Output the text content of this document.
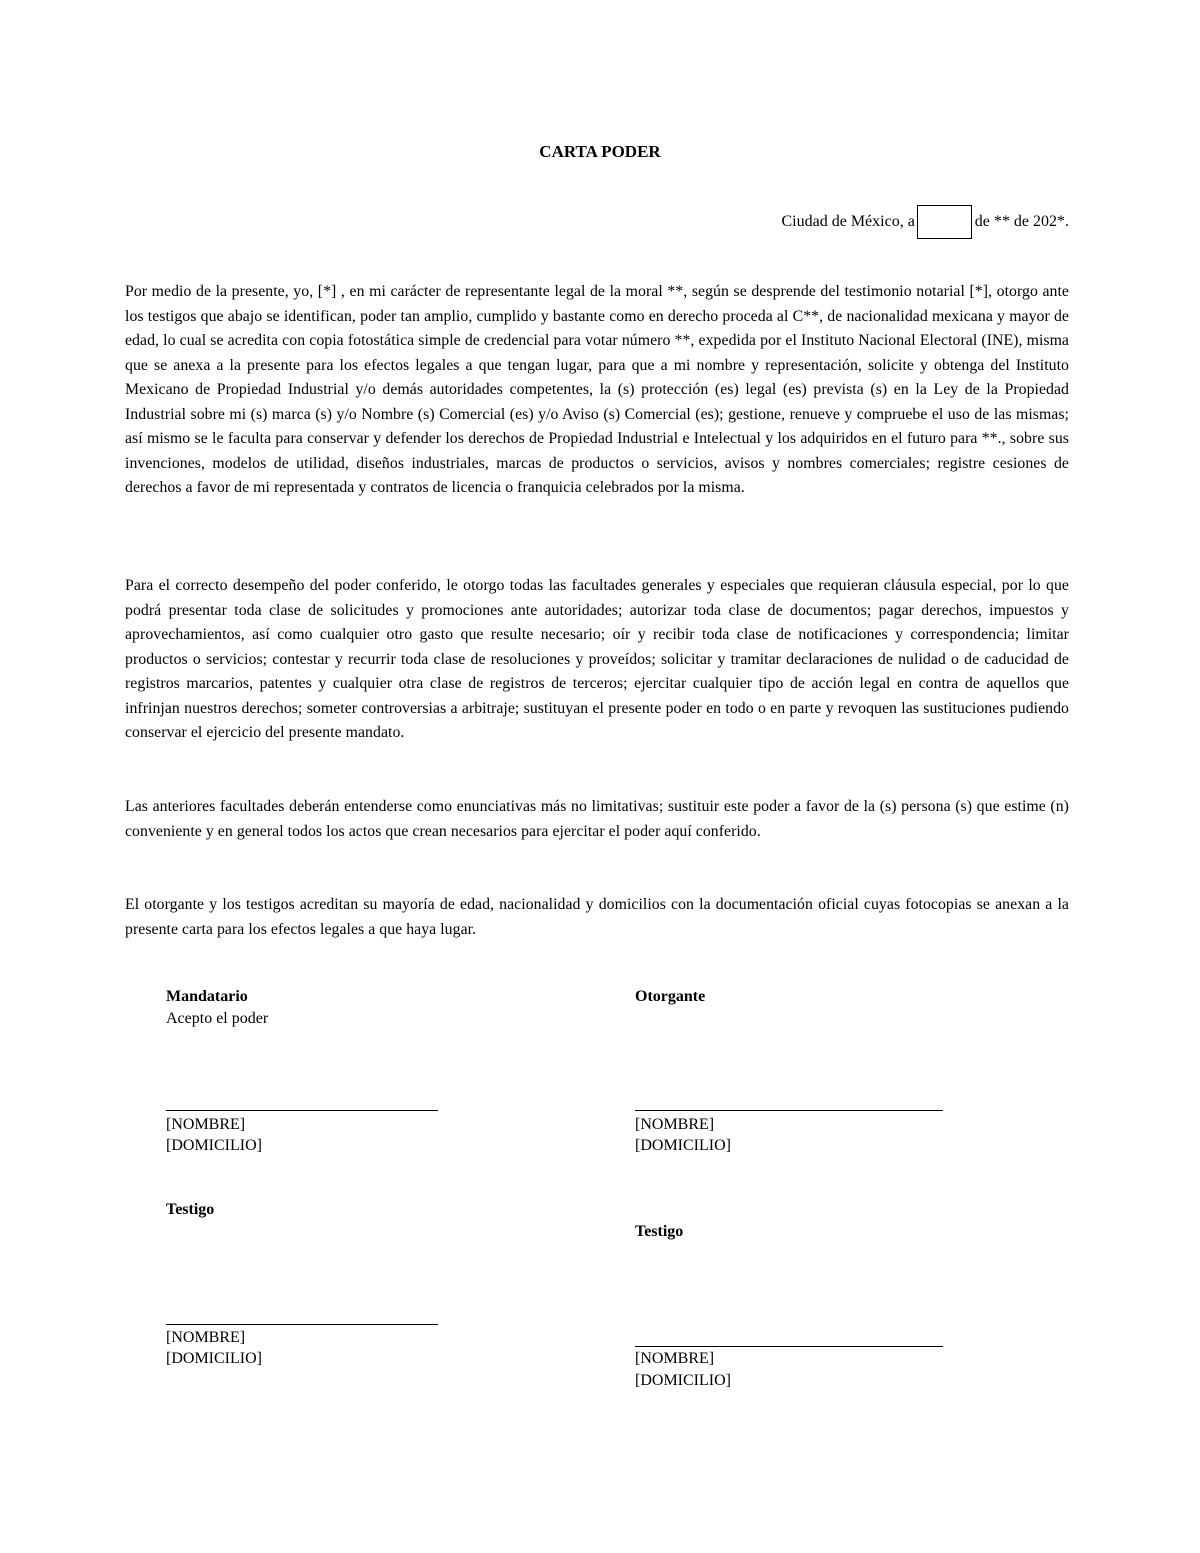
CARTA PODER
Ciudad de México, a	de ** de 202*.

Por medio de la presente, yo, [*] , en mi carácter de representante legal de la moral **, según se desprende del testimonio notarial [*], otorgo ante los testigos que abajo se identifican, poder tan amplio, cumplido y bastante como en derecho proceda al C**, de nacionalidad mexicana y mayor de edad, lo cual se acredita con copia fotostática simple de credencial para votar número **, expedida por el Instituto Nacional Electoral (INE), misma que se anexa a la presente para los efectos legales a que tengan lugar, para que a mi nombre y representación, solicite y obtenga del Instituto Mexicano de Propiedad Industrial y/o demás autoridades competentes, la (s) protección (es) legal (es) prevista (s) en la Ley de la Propiedad Industrial sobre mi (s) marca (s) y/o Nombre (s) Comercial (es) y/o Aviso (s) Comercial (es); gestione, renueve y compruebe el uso de las mismas; así mismo se le faculta para conservar y defender los derechos de Propiedad Industrial e Intelectual y los adquiridos en el futuro para **., sobre sus invenciones, modelos de utilidad, diseños industriales, marcas de productos o servicios, avisos y nombres comerciales; registre cesiones de derechos a favor de mi representada y contratos de licencia o franquicia celebrados por la misma.

Para el correcto desempeño del poder conferido, le otorgo todas las facultades generales y especiales que requieran cláusula especial, por lo que podrá presentar toda clase de solicitudes y promociones ante autoridades; autorizar toda clase de documentos; pagar derechos, impuestos y aprovechamientos, así como cualquier otro gasto que resulte necesario; oír y recibir toda clase de notificaciones y correspondencia; limitar productos o servicios; contestar y recurrir toda clase de resoluciones y proveídos; solicitar y tramitar declaraciones de nulidad o de caducidad de registros marcarios, patentes y cualquier otra clase de registros de terceros; ejercitar cualquier tipo de acción legal en contra de aquellos que infrinjan nuestros derechos; someter controversias a arbitraje; sustituyan el presente poder en todo o en parte y revoquen las sustituciones pudiendo conservar el ejercicio del presente mandato.

Las anteriores facultades deberán entenderse como enunciativas más no limitativas; sustituir este poder a favor de la (s) persona (s) que estime (n) conveniente y en general todos los actos que crean necesarios para ejercitar el poder aquí conferido.

El otorgante y los testigos acreditan su mayoría de edad, nacionalidad y domicilios con la documentación oficial cuyas fotocopias se anexan a la presente carta para los efectos legales a que haya lugar.

Mandatario
Acepto el poder
[NOMBRE]
[DOMICILIO]
Otorgante
[NOMBRE]
[DOMICILIO]
Testigo
[NOMBRE]
[DOMICILIO]
Testigo
[NOMBRE]
[DOMICILIO]
